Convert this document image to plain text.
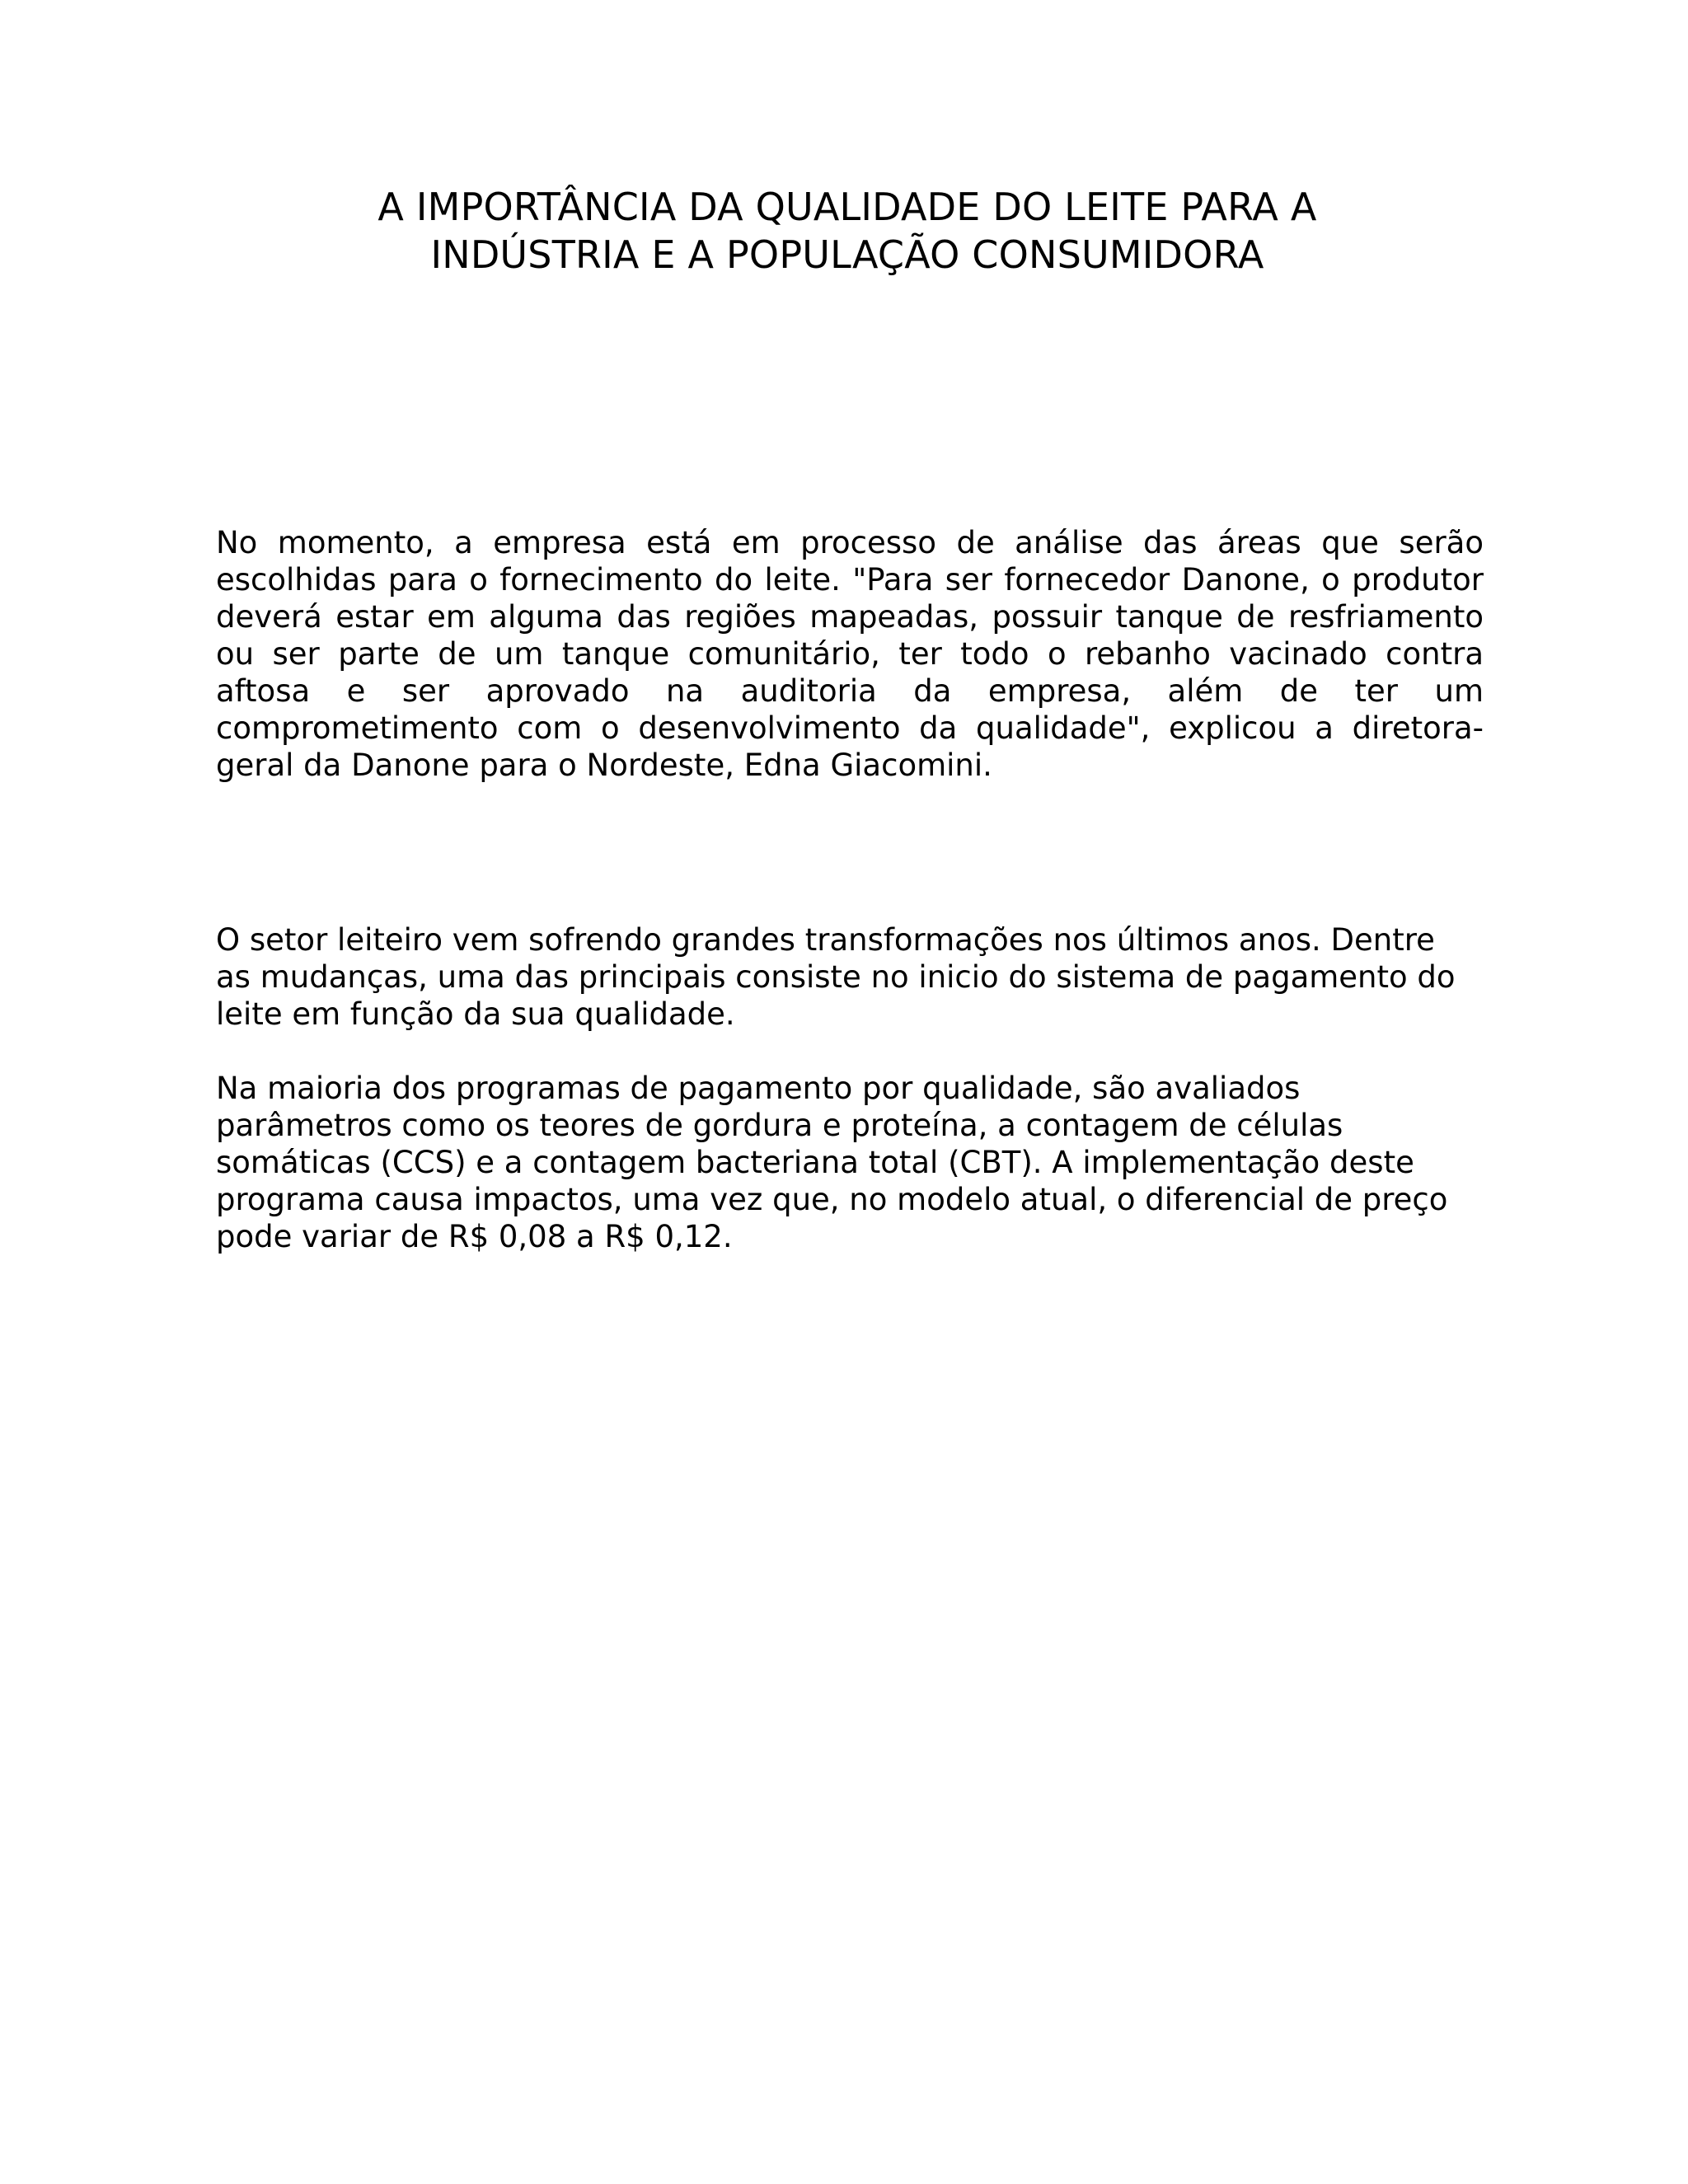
A IMPORTÂNCIA DA QUALIDADE DO LEITE PARA A
INDÚSTRIA E A POPULAÇÃO CONSUMIDORA

No momento, a empresa está em processo de análise das áreas que serão
escolhidas para o fornecimento do leite. "Para ser fornecedor Danone, o produtor
deverá estar em alguma das regiões mapeadas, possuir tanque de resfriamento
ou ser parte de um tanque comunitário, ter todo o rebanho vacinado contra
aftosa e ser aprovado na auditoria da empresa, além de ter um
comprometimento com o desenvolvimento da qualidade", explicou a diretora-
geral da Danone para o Nordeste, Edna Giacomini.

O setor leiteiro vem sofrendo grandes transformações nos últimos anos. Dentre
as mudanças, uma das principais consiste no inicio do sistema de pagamento do
leite em função da sua qualidade.

Na maioria dos programas de pagamento por qualidade, são avaliados
parâmetros como os teores de gordura e proteína, a contagem de células
somáticas (CCS) e a contagem bacteriana total (CBT). A implementação deste
programa causa impactos, uma vez que, no modelo atual, o diferencial de preço
pode variar de R$ 0,08 a R$ 0,12.
